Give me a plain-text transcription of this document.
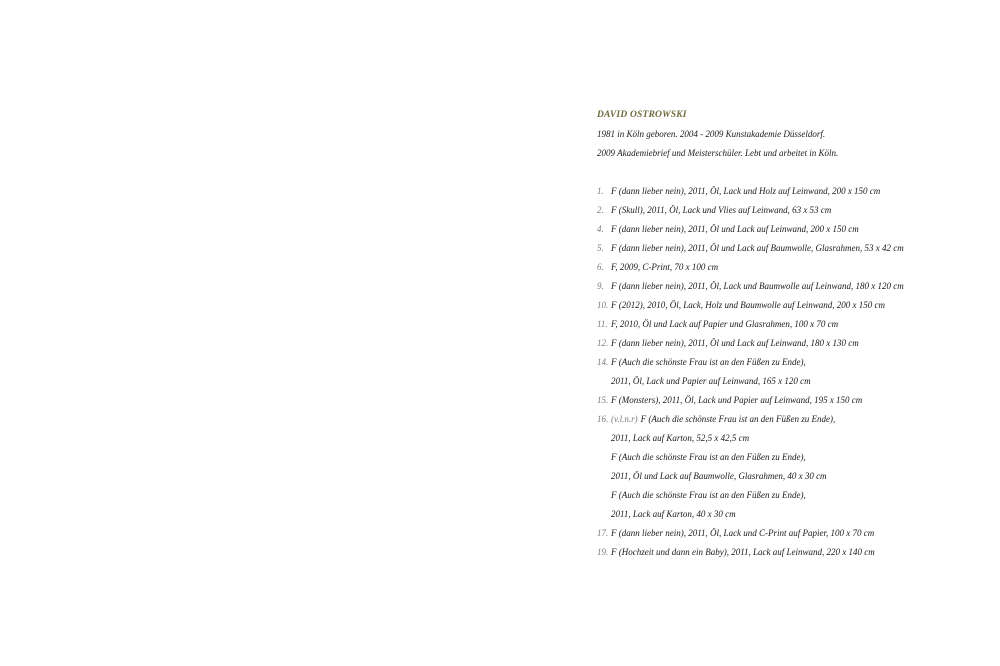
DAVID OSTROWSKI
1981 in Köln geboren. 2004 - 2009 Kunstakademie Düsseldorf.
2009 Akademiebrief und Meisterschüler. Lebt und arbeitet in Köln.
1. F (dann lieber nein), 2011, Öl, Lack und Holz auf Leinwand, 200 x 150 cm
2. F (Skull), 2011, Öl, Lack und Vlies auf Leinwand, 63 x 53 cm
4. F (dann lieber nein), 2011, Öl und Lack auf Leinwand, 200 x 150 cm
5. F (dann lieber nein), 2011, Öl und Lack auf Baumwolle, Glasrahmen, 53 x 42 cm
6. F, 2009, C-Print, 70 x 100 cm
9. F (dann lieber nein), 2011, Öl, Lack und Baumwolle auf Leinwand, 180 x 120 cm
10. F (2012), 2010, Öl, Lack, Holz und Baumwolle auf Leinwand, 200 x 150 cm
11. F, 2010, Öl und Lack auf Papier und Glasrahmen, 100 x 70 cm
12. F (dann lieber nein), 2011, Öl und Lack auf Leinwand, 180 x 130 cm
14. F (Auch die schönste Frau ist an den Füßen zu Ende),
2011, Öl, Lack und Papier auf Leinwand, 165 x 120 cm
15. F (Monsters), 2011, Öl, Lack und Papier auf Leinwand, 195 x 150 cm
16. (v.l.n.r) F (Auch die schönste Frau ist an den Füßen zu Ende),
2011, Lack auf Karton, 52,5 x 42,5 cm
F (Auch die schönste Frau ist an den Füßen zu Ende),
2011, Öl und Lack auf Baumwolle, Glasrahmen, 40 x 30 cm
F (Auch die schönste Frau ist an den Füßen zu Ende),
2011, Lack auf Karton, 40 x 30 cm
17. F (dann lieber nein), 2011, Öl, Lack und C-Print auf Papier, 100 x 70 cm
19. F (Hochzeit und dann ein Baby), 2011, Lack auf Leinwand, 220 x 140 cm
